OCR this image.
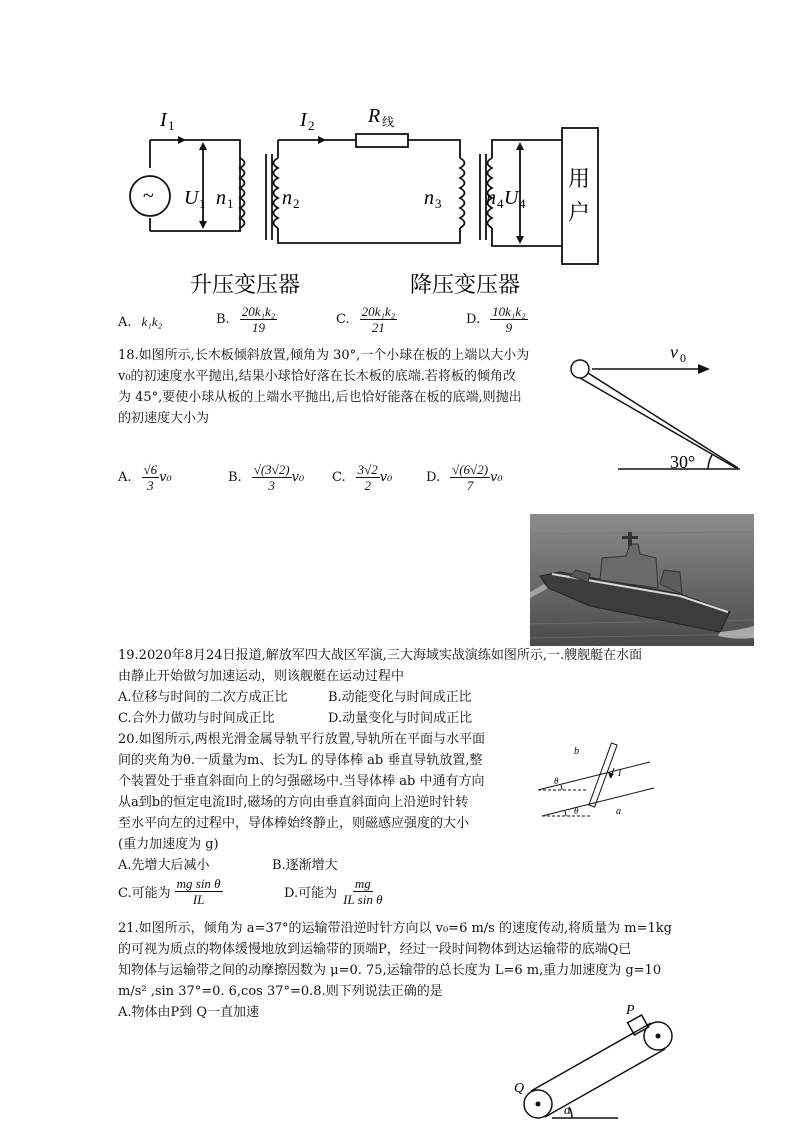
~
I 1	I 2	R 线
U 1 n 1 n 2	n 3 n 4 U 4
用
户
升压变压器	降压变压器
A. k₁k₂	B. $\frac{\text{20k₁k₂}}{19}$	C. $\frac{\text{20k₁k₂}}{21}$	D. $\frac{\text{10k₁k₂}}{9}$
18.如图所示,长木板倾斜放置,倾角为 30°,一个小球在板的上端以大小为
v₀的初速度水平抛出,结果小球恰好落在长木板的底端.若将板的倾角改
为 45°,要使小球从板的上端水平抛出,后也恰好能落在板的底端,则抛出
的初速度大小为
v 0
30°
A. $\frac{√6}{3} v_0$	B. $\frac{√(3√2)}{3} v_0$ C. $\frac{3√2}{2} v_0$	D. $\frac{√(6√2)}{7} v_0$
19.2020年8月24日报道,解放军四大战区军演,三大海域实战演练如图所示,一.艘舰艇在水面
由静止开始做匀加速运动，则该舰艇在运动过程中
A.位移与时间的二次方成正比	B.动能变化与时间成正比
C.合外力做功与时间成正比	D.动量变化与时间成正比
20.如图所示,两根光滑金属导轨平行放置,导轨所在平面与水平面
间的夹角为θ.一质量为m、长为L 的导体棒 ab 垂直导轨放置,整
个装置处于垂直斜面向上的匀强磁场中.当导体棒 ab 中通有方向
从a到b的恒定电流I时,磁场的方向由垂直斜面向上沿逆时针转
至水平向左的过程中，导体棒始终静止，则磁感应强度的大小
(重力加速度为 g)
A.先增大后减小	B.逐渐增大
C.可能为 $\frac{\text{mg sin θ}}{IL}$	D.可能为 $\frac{mg}{\text{IL sin θ}}$
b
a
I
θ
θ
21.如图所示，倾角为 a=37°的运输带沿逆时针方向以 v₀=6 m/s 的速度传动,将质量为 m=1kg
的可视为质点的物体缓慢地放到运输带的顶端P，经过一段时间物体到达运输带的底端Q已
知物体与运输带之间的动摩擦因数为 μ=0. 75,运输带的总长度为 L=6 m,重力加速度为 g=10
m/s² ,sin 37°=0. 6,cos 37°=0.8.则下列说法正确的是
A.物体由P到 Q一直加速	P
Q
α
